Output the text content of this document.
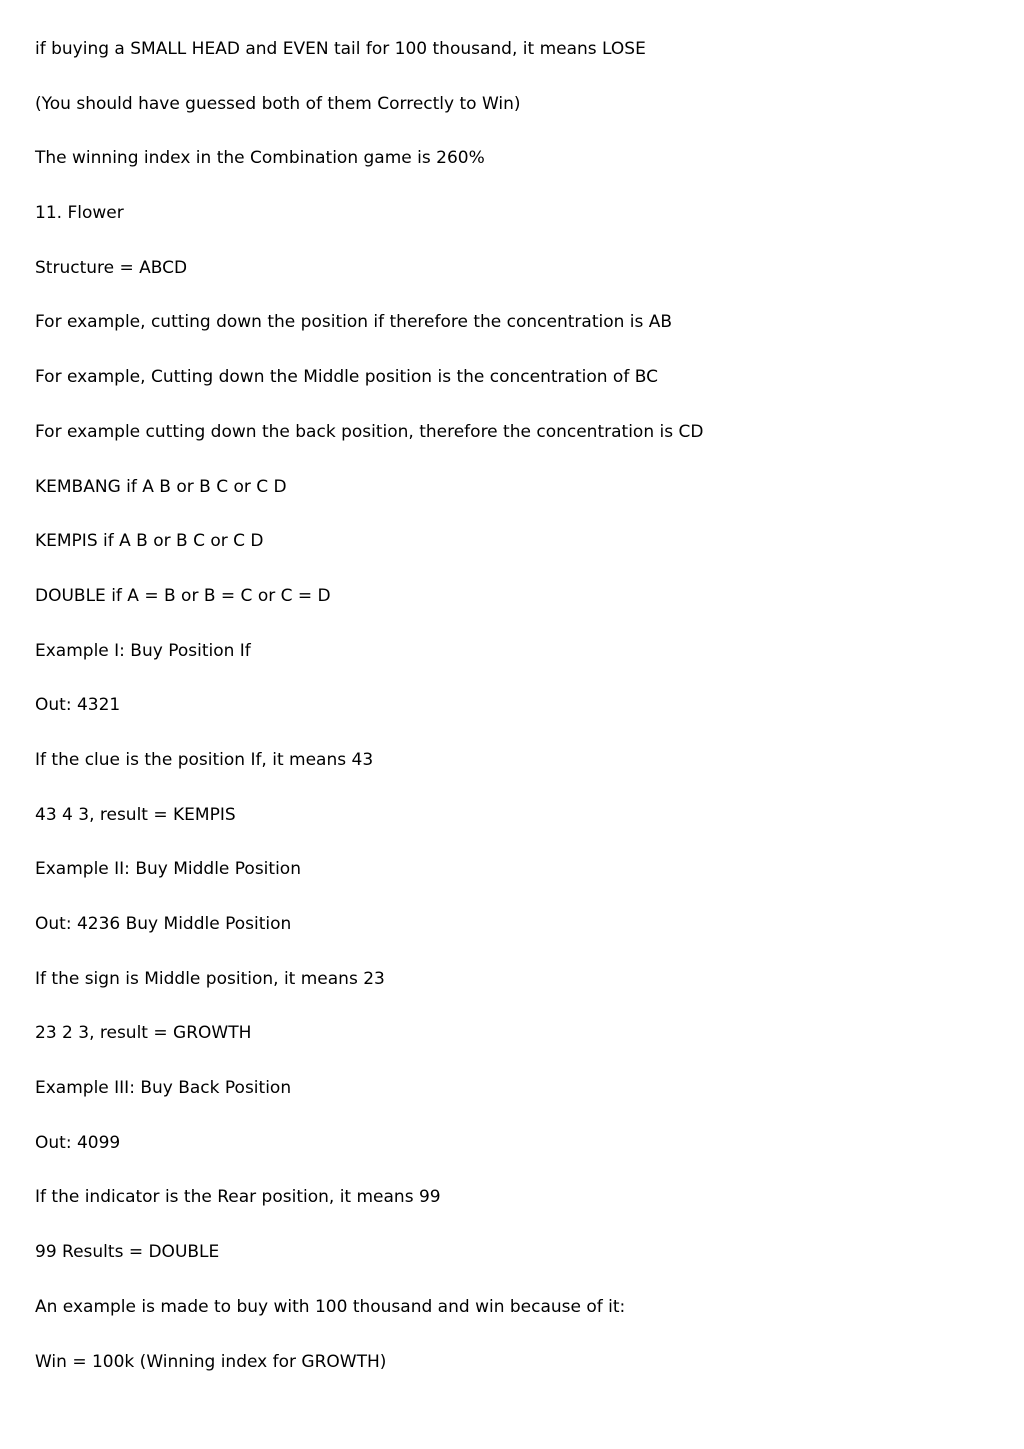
if buying a SMALL HEAD and EVEN tail for 100 thousand, it means LOSE
(You should have guessed both of them Correctly to Win)
The winning index in the Combination game is 260%
11. Flower
Structure = ABCD
For example, cutting down the position if therefore the concentration is AB
For example, Cutting down the Middle position is the concentration of BC
For example cutting down the back position, therefore the concentration is CD
KEMBANG if A B or B C or C D
KEMPIS if A B or B C or C D
DOUBLE if A = B or B = C or C = D
Example I: Buy Position If
Out: 4321
If the clue is the position If, it means 43
43 4 3, result = KEMPIS
Example II: Buy Middle Position
Out: 4236 Buy Middle Position
If the sign is Middle position, it means 23
23 2 3, result = GROWTH
Example III: Buy Back Position
Out: 4099
If the indicator is the Rear position, it means 99
99 Results = DOUBLE
An example is made to buy with 100 thousand and win because of it:
Win = 100k (Winning index for GROWTH)
